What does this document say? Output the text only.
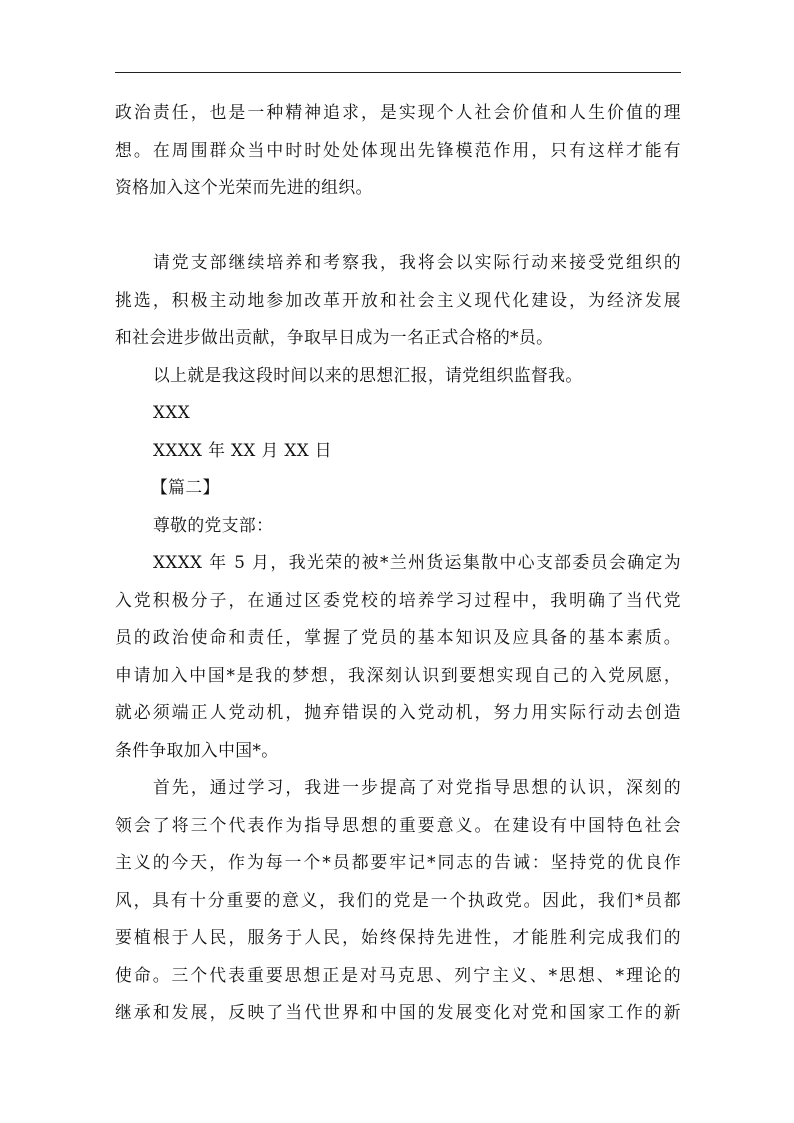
政治责任，也是一种精神追求，是实现个人社会价值和人生价值的理
想。在周围群众当中时时处处体现出先锋模范作用，只有这样才能有
资格加入这个光荣而先进的组织。
请党支部继续培养和考察我，我将会以实际行动来接受党组织的
挑选，积极主动地参加改革开放和社会主义现代化建设，为经济发展
和社会进步做出贡献，争取早日成为一名正式合格的*员。
以上就是我这段时间以来的思想汇报，请党组织监督我。
XXX
XXXX 年 XX 月 XX 日
【篇二】
尊敬的党支部：
XXXX 年 5 月，我光荣的被*兰州货运集散中心支部委员会确定为
入党积极分子，在通过区委党校的培养学习过程中，我明确了当代党
员的政治使命和责任，掌握了党员的基本知识及应具备的基本素质。
申请加入中国*是我的梦想，我深刻认识到要想实现自己的入党夙愿，
就必须端正人党动机，抛弃错误的入党动机，努力用实际行动去创造
条件争取加入中国*。
首先，通过学习，我进一步提高了对党指导思想的认识，深刻的
领会了将三个代表作为指导思想的重要意义。在建设有中国特色社会
主义的今天，作为每一个*员都要牢记*同志的告诫：坚持党的优良作
风，具有十分重要的意义，我们的党是一个执政党。因此，我们*员都
要植根于人民，服务于人民，始终保持先进性，才能胜利完成我们的
使命。三个代表重要思想正是对马克思、列宁主义、*思想、*理论的
继承和发展，反映了当代世界和中国的发展变化对党和国家工作的新
